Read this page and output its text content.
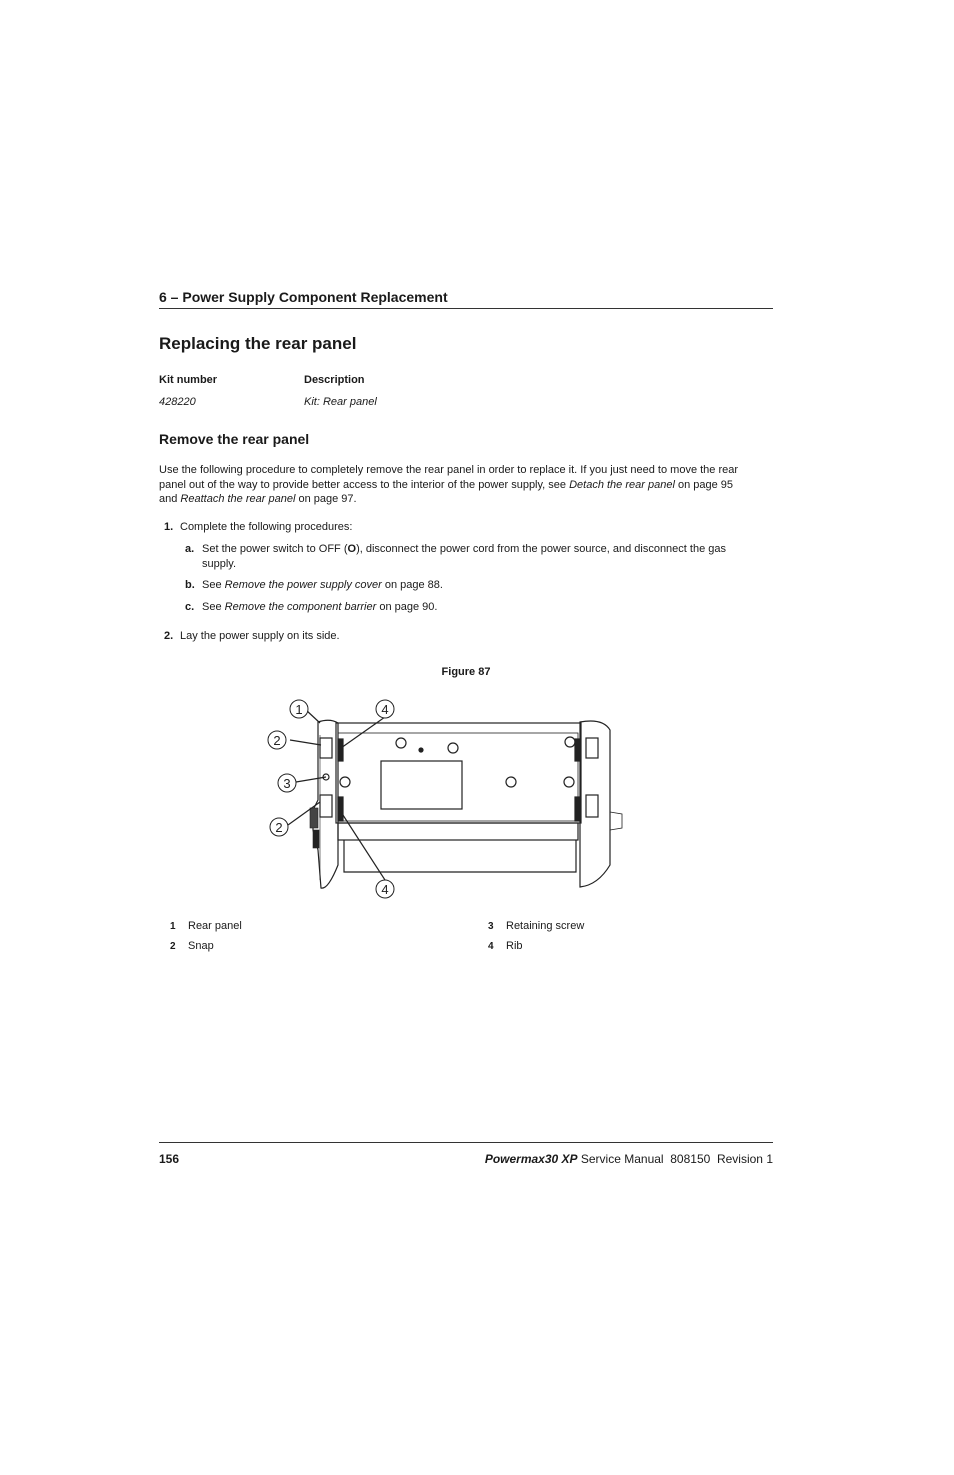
6 – Power Supply Component Replacement
Replacing the rear panel
Kit number	Description
428220	Kit: Rear panel
Remove the rear panel
Use the following procedure to completely remove the rear panel in order to replace it. If you just need to move the rear
panel out of the way to provide better access to the interior of the power supply, see Detach the rear panel on page 95
and Reattach the rear panel on page 97.
1. Complete the following procedures:
a. Set the power switch to OFF (O), disconnect the power cord from the power source, and disconnect the gas
supply.
b. See Remove the power supply cover on page 88.
c. See Remove the component barrier on page 90.
2. Lay the power supply on its side.
Figure 87
1	4
2
3
2
4
1 Rear panel
2 Snap
3 Retaining screw
4 Rib
156	Powermax30 XP Service Manual  808150  Revision 1
